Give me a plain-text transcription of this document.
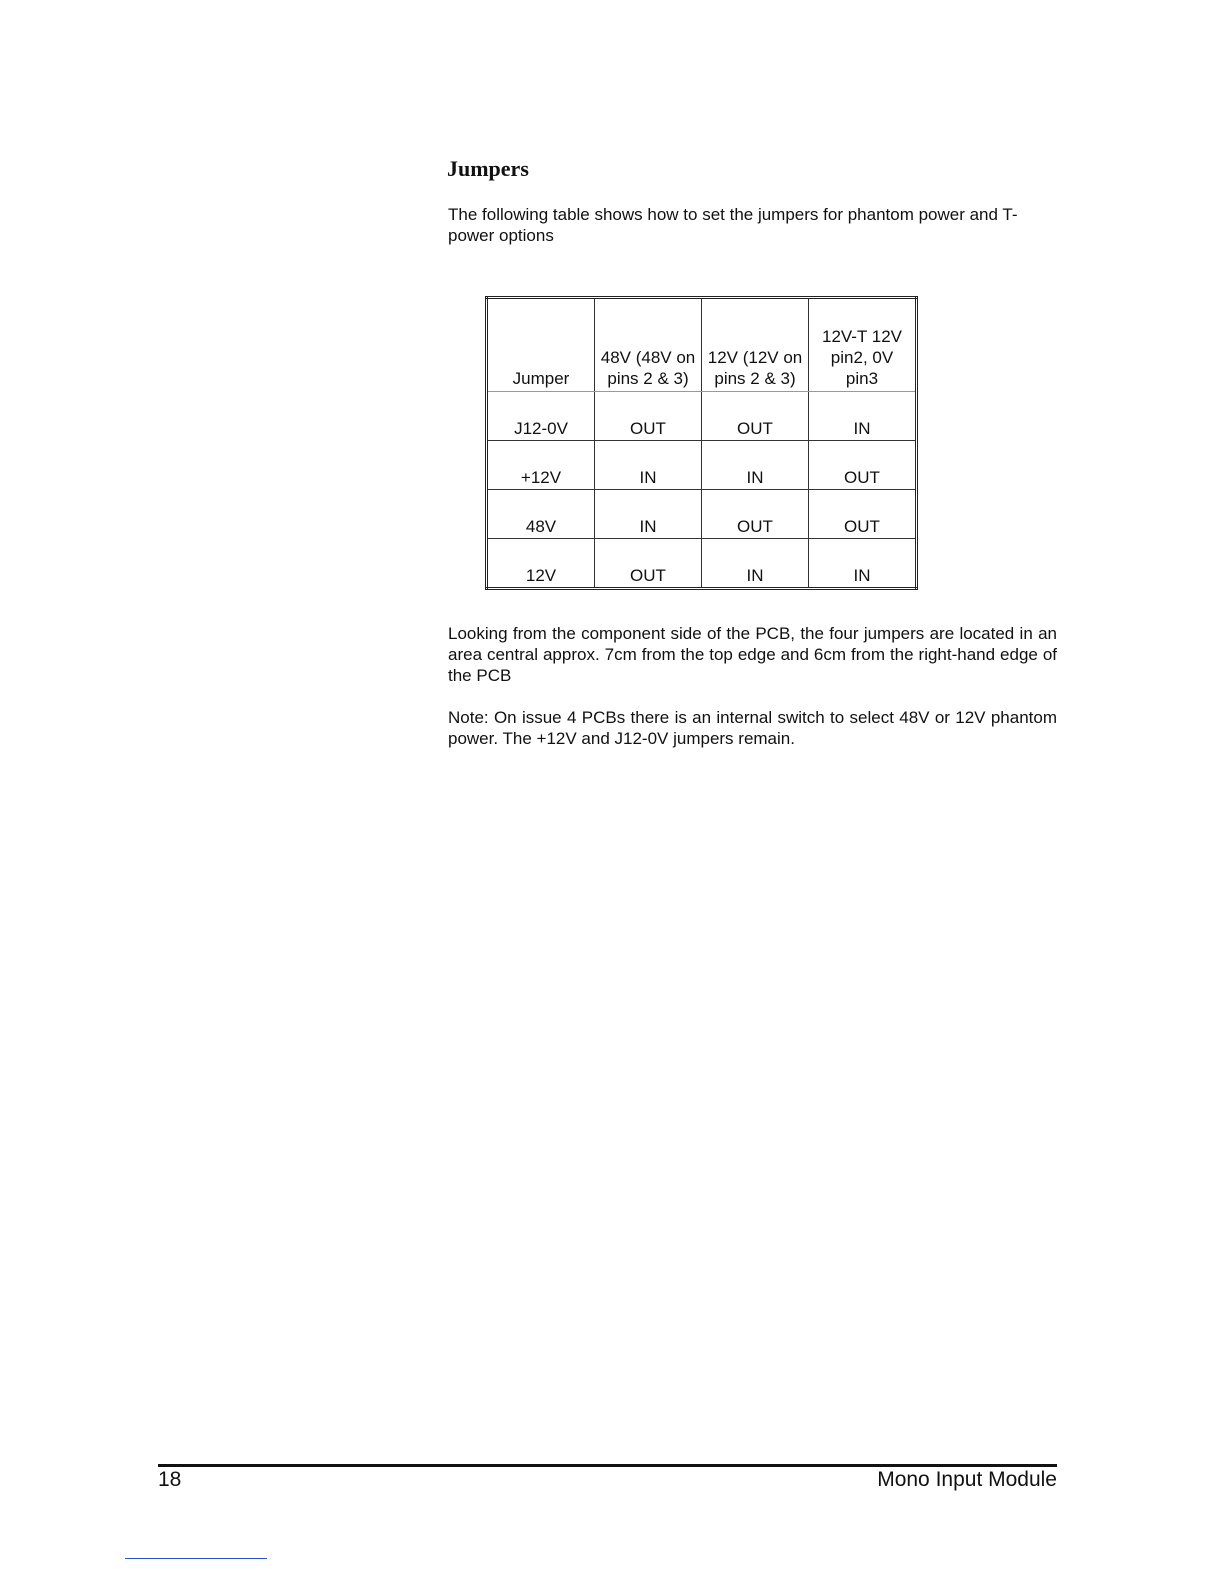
Jumpers

The following table shows how to set the jumpers for phantom power and T-power options

Jumper	48V (48V on pins 2 & 3)	12V (12V on pins 2 & 3)	12V-T 12V pin2, 0V pin3
J12-0V	OUT	OUT	IN
+12V	IN	IN	OUT
48V	IN	OUT	OUT
12V	OUT	IN	IN

Looking from the component side of the PCB, the four jumpers are located in an area central approx. 7cm from the top edge and 6cm from the right-hand edge of the PCB

Note: On issue 4 PCBs there is an internal switch to select 48V or 12V phantom power. The +12V and J12-0V jumpers remain.

18	Mono Input Module
